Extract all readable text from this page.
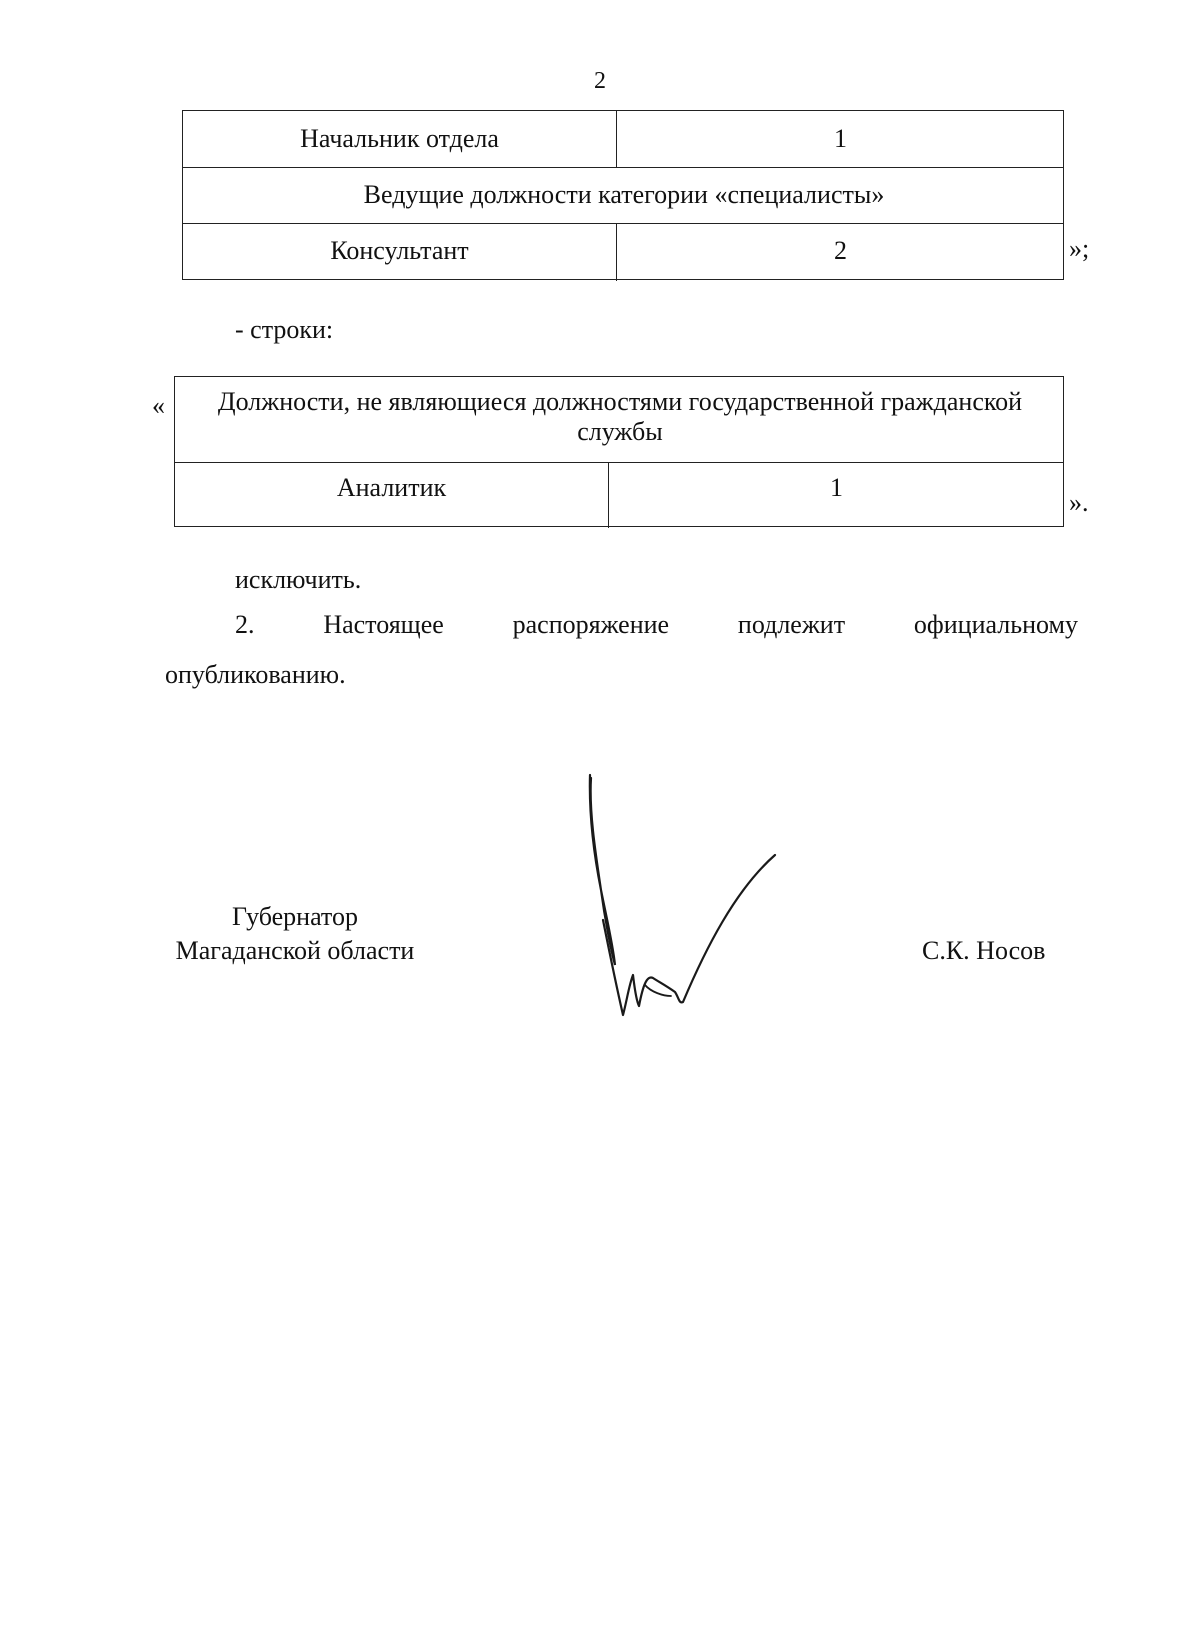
2
Начальник отдела	1
Ведущие должности категории «специалисты»
Консультант	2	»;
- строки:
«	Должности, не являющиеся должностями государственной гражданской службы
Аналитик	1
».
исключить.
2.	Настоящее	распоряжение	подлежит	официальному
опубликованию.
Губернатор
Магаданской области	С.К. Носов
